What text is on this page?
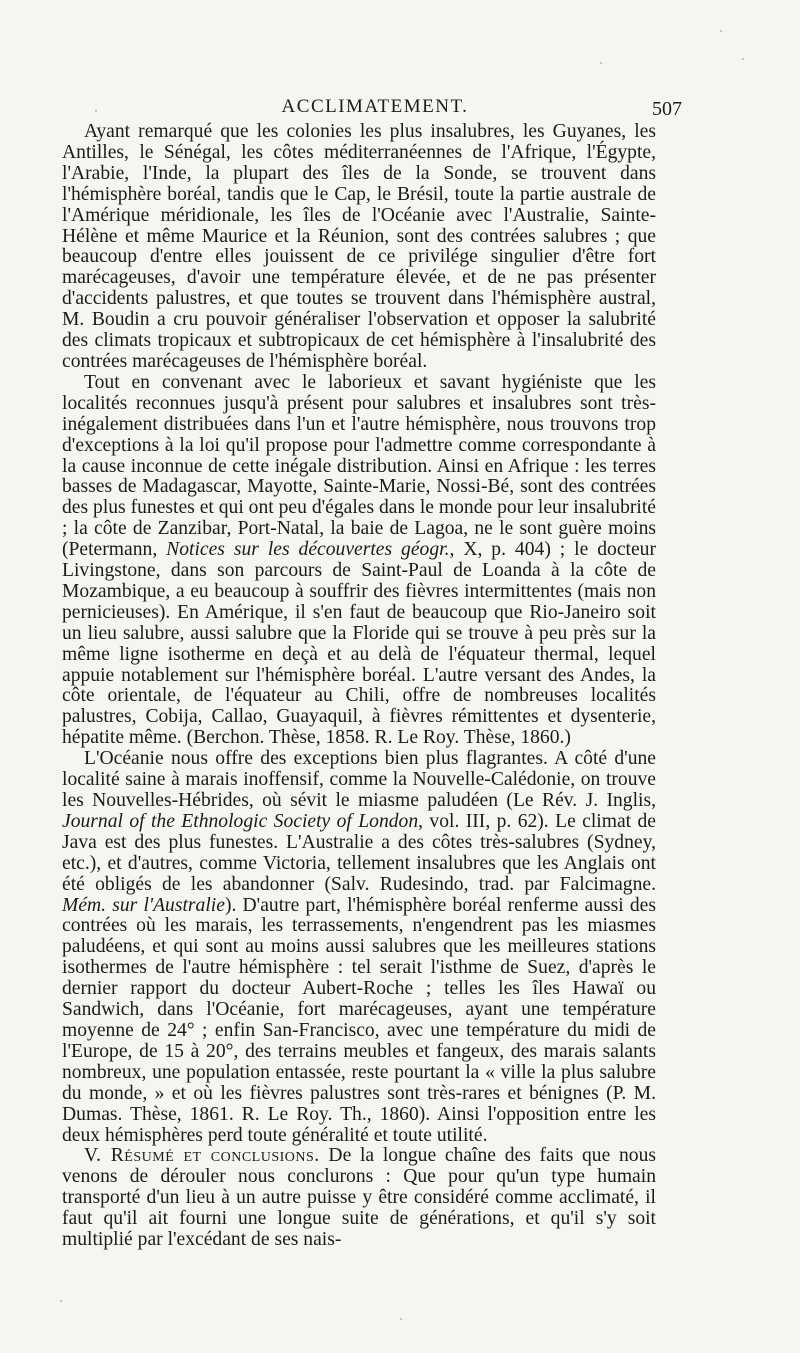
ACCLIMATEMENT.	507

Ayant remarqué que les colonies les plus insalubres, les Guyanes, les Antilles, le Sénégal, les côtes méditerranéennes de l'Afrique, l'Égypte, l'Arabie, l'Inde, la plupart des îles de la Sonde, se trouvent dans l'hémisphère boréal, tandis que le Cap, le Brésil, toute la partie australe de l'Amérique méridionale, les îles de l'Océanie avec l'Australie, Sainte-Hélène et même Maurice et la Réunion, sont des contrées salubres ; que beaucoup d'entre elles jouissent de ce privilége singulier d'être fort marécageuses, d'avoir une température élevée, et de ne pas présenter d'accidents palustres, et que toutes se trouvent dans l'hémisphère austral, M. Boudin a cru pouvoir généraliser l'observation et opposer la salubrité des climats tropicaux et subtropicaux de cet hémisphère à l'insalubrité des contrées marécageuses de l'hémisphère boréal.

Tout en convenant avec le laborieux et savant hygiéniste que les localités reconnues jusqu'à présent pour salubres et insalubres sont très-inégalement distribuées dans l'un et l'autre hémisphère, nous trouvons trop d'exceptions à la loi qu'il propose pour l'admettre comme correspondante à la cause inconnue de cette inégale distribution. Ainsi en Afrique : les terres basses de Madagascar, Mayotte, Sainte-Marie, Nossi-Bé, sont des contrées des plus funestes et qui ont peu d'égales dans le monde pour leur insalubrité ; la côte de Zanzibar, Port-Natal, la baie de Lagoa, ne le sont guère moins (Petermann, Notices sur les découvertes géogr., X, p. 404) ; le docteur Livingstone, dans son parcours de Saint-Paul de Loanda à la côte de Mozambique, a eu beaucoup à souffrir des fièvres intermittentes (mais non pernicieuses). En Amérique, il s'en faut de beaucoup que Rio-Janeiro soit un lieu salubre, aussi salubre que la Floride qui se trouve à peu près sur la même ligne isotherme en deçà et au delà de l'équateur thermal, lequel appuie notablement sur l'hémisphère boréal. L'autre versant des Andes, la côte orientale, de l'équateur au Chili, offre de nombreuses localités palustres, Cobija, Callao, Guayaquil, à fièvres rémittentes et dysenterie, hépatite même. (Berchon. Thèse, 1858. R. Le Roy. Thèse, 1860.)

L'Océanie nous offre des exceptions bien plus flagrantes. A côté d'une localité saine à marais inoffensif, comme la Nouvelle-Calédonie, on trouve les Nouvelles-Hébrides, où sévit le miasme paludéen (Le Rév. J. Inglis, Journal of the Ethnologic Society of London, vol. III, p. 62). Le climat de Java est des plus funestes. L'Australie a des côtes très-salubres (Sydney, etc.), et d'autres, comme Victoria, tellement insalubres que les Anglais ont été obligés de les abandonner (Salv. Rudesindo, trad. par Falcimagne. Mém. sur l'Australie). D'autre part, l'hémisphère boréal renferme aussi des contrées où les marais, les terrassements, n'engendrent pas les miasmes paludéens, et qui sont au moins aussi salubres que les meilleures stations isothermes de l'autre hémisphère : tel serait l'isthme de Suez, d'après le dernier rapport du docteur Aubert-Roche ; telles les îles Hawaï ou Sandwich, dans l'Océanie, fort marécageuses, ayant une température moyenne de 24° ; enfin San-Francisco, avec une température du midi de l'Europe, de 15 à 20°, des terrains meubles et fangeux, des marais salants nombreux, une population entassée, reste pourtant la « ville la plus salubre du monde, » et où les fièvres palustres sont très-rares et bénignes (P. M. Dumas. Thèse, 1861. R. Le Roy. Th., 1860). Ainsi l'opposition entre les deux hémisphères perd toute généralité et toute utilité.

V. Résumé et conclusions. De la longue chaîne des faits que nous venons de dérouler nous conclurons : Que pour qu'un type humain transporté d'un lieu à un autre puisse y être considéré comme acclimaté, il faut qu'il ait fourni une longue suite de générations, et qu'il s'y soit multiplié par l'excédant de ses nais-
